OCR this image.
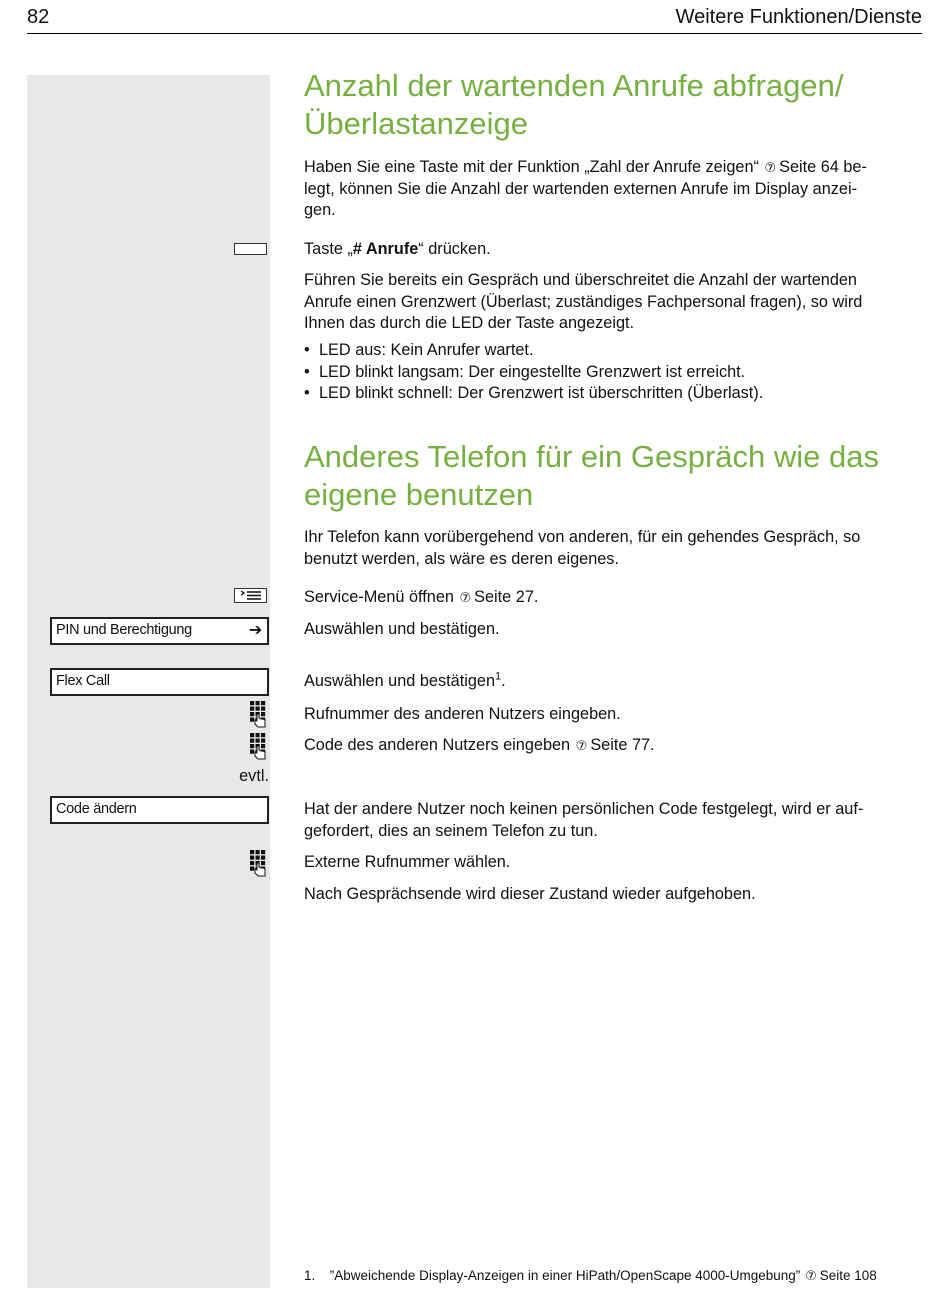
82	Weitere Funktionen/Dienste
Anzahl der wartenden Anrufe abfragen/
Überlastanzeige

Haben Sie eine Taste mit der Funktion „Zahl der Anrufe zeigen“ ⑦ Seite 64 be-
legt, können Sie die Anzahl der wartenden externen Anrufe im Display anzei-
gen.

Taste „# Anrufe“ drücken.

Führen Sie bereits ein Gespräch und überschreitet die Anzahl der wartenden
Anrufe einen Grenzwert (Überlast; zuständiges Fachpersonal fragen), so wird
Ihnen das durch die LED der Taste angezeigt.

• LED aus: Kein Anrufer wartet.
• LED blinkt langsam: Der eingestellte Grenzwert ist erreicht.
• LED blinkt schnell: Der Grenzwert ist überschritten (Überlast).
Anderes Telefon für ein Gespräch wie das
eigene benutzen

Ihr Telefon kann vorübergehend von anderen, für ein gehendes Gespräch, so
benutzt werden, als wäre es deren eigenes.

Service-Menü öffnen ⑦ Seite 27.

PIN und Berechtigung	➔	Auswählen und bestätigen.

Flex Call	Auswählen und bestätigen$^1$.

Rufnummer des anderen Nutzers eingeben.

Code des anderen Nutzers eingeben ⑦ Seite 77.

evtl.
Code ändern	Hat der andere Nutzer noch keinen persönlichen Code festgelegt, wird er auf-
gefordert, dies an seinem Telefon zu tun.

Externe Rufnummer wählen.

Nach Gesprächsende wird dieser Zustand wieder aufgehoben.

1. ”Abweichende Display-Anzeigen in einer HiPath/OpenScape 4000-Umgebung” ⑦ Seite 108
